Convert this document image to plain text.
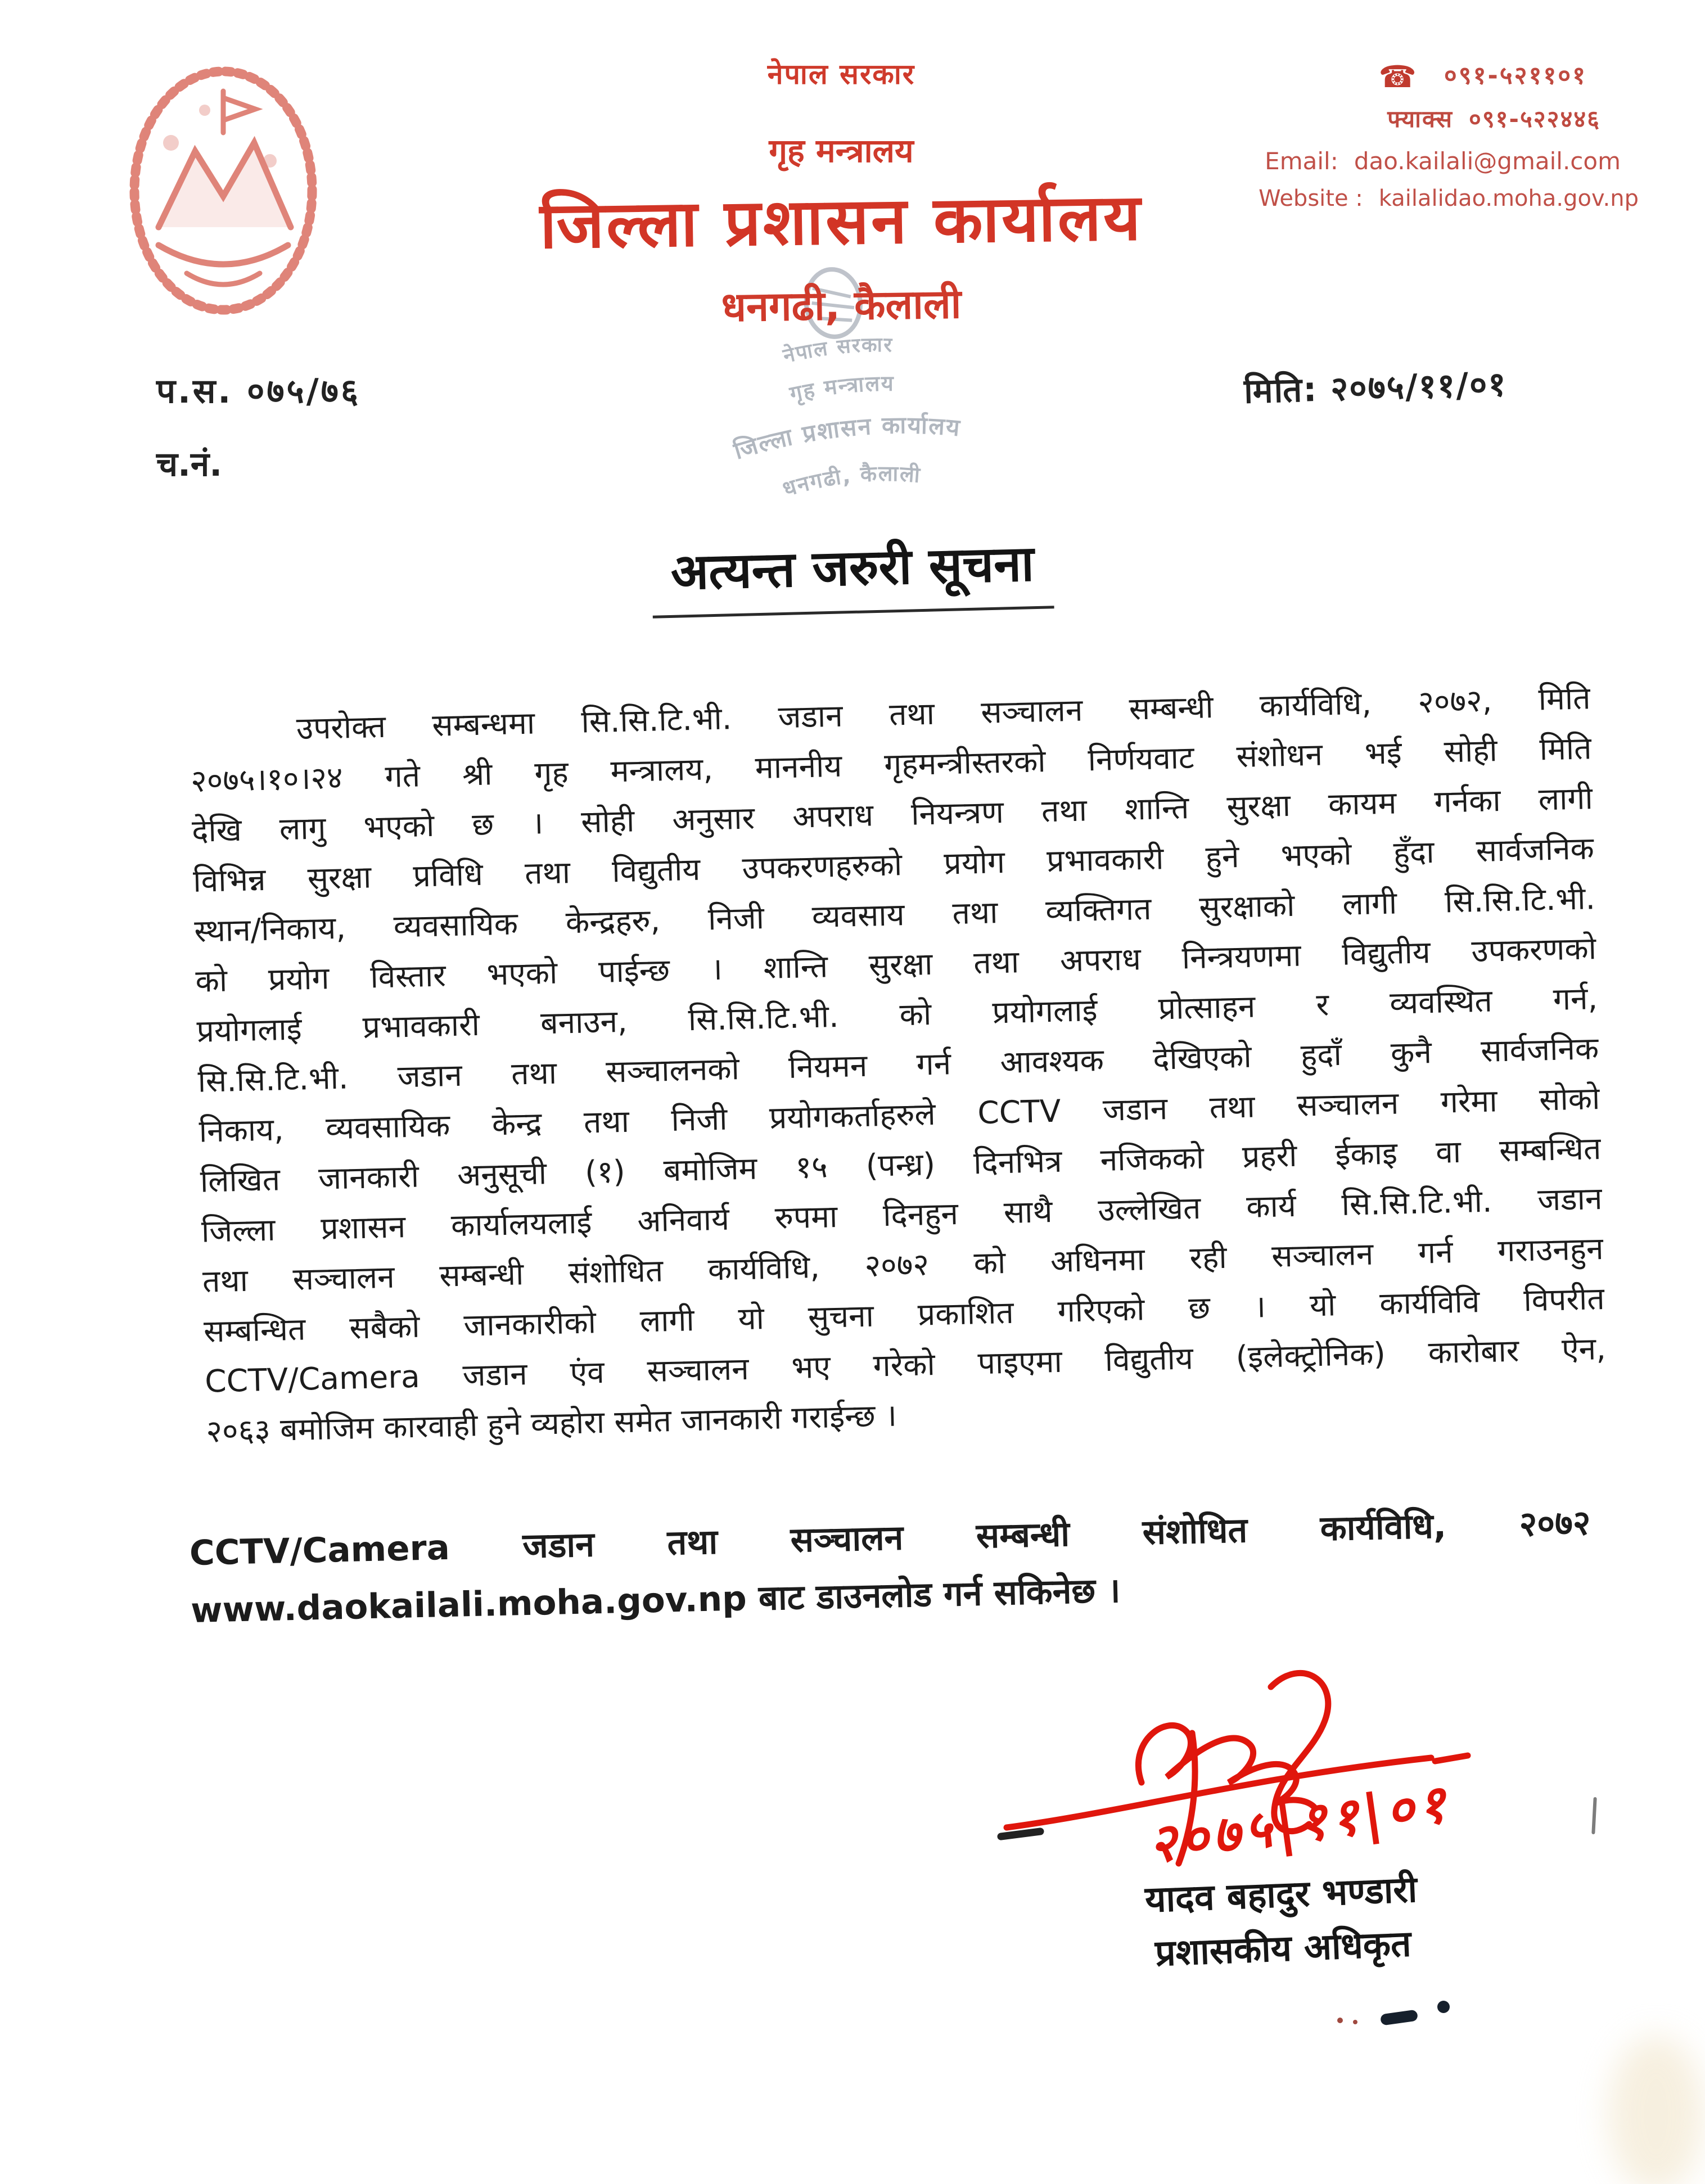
नेपाल सरकार
गृह मन्त्रालय
जिल्ला प्रशासन कार्यालय
धनगढी, कैलाली
नेपाल सरकार
गृह मन्त्रालय
जिल्ला प्रशासन कार्यालय
धनगढी, कैलाली
☎ ०९१-५२११०१
फ्याक्स ०९१-५२२४४६
Email: dao.kailali@gmail.com
Website : kailalidao.moha.gov.np
प.स. ०७५/७६
च.नं.
मिति: २०७५/११/०१
अत्यन्त जरुरी सूचना
उपरोक्त सम्बन्धमा सि.सि.टि.भी. जडान तथा सञ्चालन सम्बन्धी कार्यविधि, २०७२, मिति
२०७५।१०।२४ गते श्री गृह मन्त्रालय, माननीय गृहमन्त्रीस्तरको निर्णयवाट संशोधन भई सोही मिति
देखि लागु भएको छ । सोही अनुसार अपराध नियन्त्रण तथा शान्ति सुरक्षा कायम गर्नका लागी
विभिन्न सुरक्षा प्रविधि तथा विद्युतीय उपकरणहरुको प्रयोग प्रभावकारी हुने भएको हुँदा सार्वजनिक
स्थान/निकाय, व्यवसायिक केन्द्रहरु, निजी व्यवसाय तथा व्यक्तिगत सुरक्षाको लागी सि.सि.टि.भी.
को प्रयोग विस्तार भएको पाईन्छ । शान्ति सुरक्षा तथा अपराध निन्त्रयणमा विद्युतीय उपकरणको
प्रयोगलाई प्रभावकारी बनाउन, सि.सि.टि.भी. को प्रयोगलाई प्रोत्साहन र व्यवस्थित गर्न,
सि.सि.टि.भी. जडान तथा सञ्चालनको नियमन गर्न आवश्यक देखिएको हुदाँ कुनै सार्वजनिक
निकाय, व्यवसायिक केन्द्र तथा निजी प्रयोगकर्ताहरुले CCTV जडान तथा सञ्चालन गरेमा सोको
लिखित जानकारी अनुसूची (१) बमोजिम १५ (पन्ध्र) दिनभित्र नजिकको प्रहरी ईकाइ वा सम्बन्धित
जिल्ला प्रशासन कार्यालयलाई अनिवार्य रुपमा दिनहुन साथै उल्लेखित कार्य सि.सि.टि.भी. जडान
तथा सञ्चालन सम्बन्धी संशोधित कार्यविधि, २०७२ को अधिनमा रही सञ्चालन गर्न गराउनहुन
सम्बन्धित सबैको जानकारीको लागी यो सुचना प्रकाशित गरिएको छ । यो कार्यविवि विपरीत
CCTV/Camera जडान एंव सञ्चालन भए गरेको पाइएमा विद्युतीय (इलेक्ट्रोनिक) कारोबार ऐन,
२०६३ बमोजिम कारवाही हुने व्यहोरा समेत जानकारी गराईन्छ ।
CCTV/Camera जडान तथा सञ्चालन सम्बन्धी संशोधित कार्यविधि, २०७२
www.daokailali.moha.gov.np बाट डाउनलोड गर्न सकिनेछ ।
२०७५|११|०१
यादव बहादुर भण्डारी
प्रशासकीय अधिकृत
